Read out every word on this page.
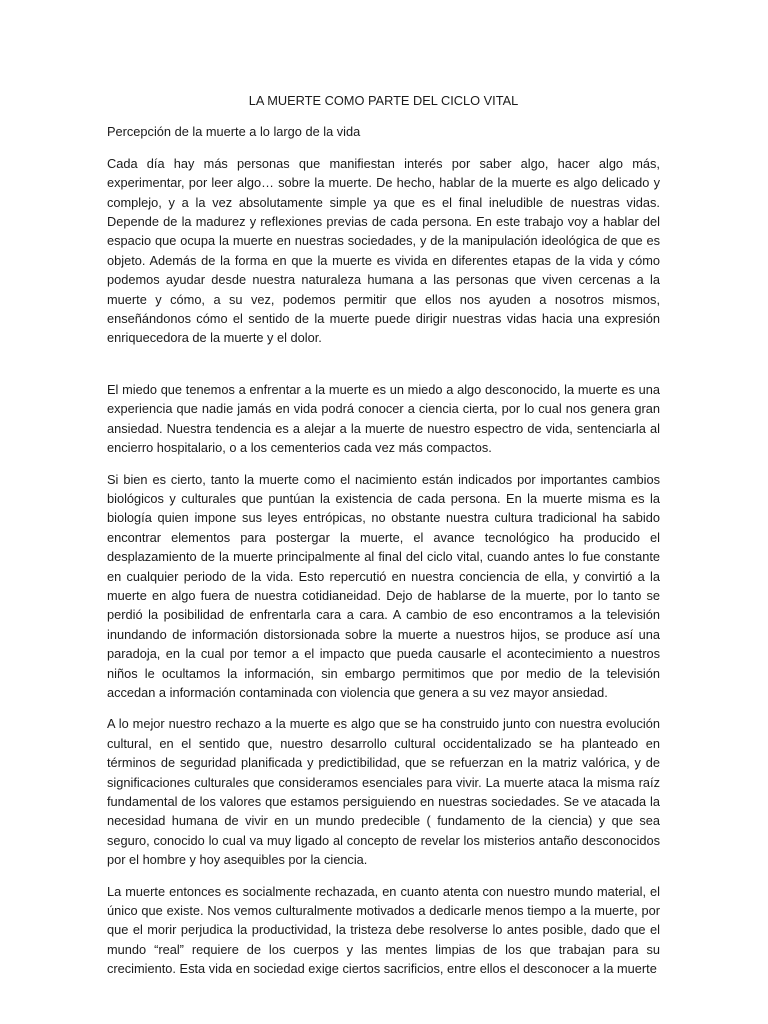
LA MUERTE COMO PARTE DEL CICLO VITAL
Percepción de la muerte a lo largo de la vida

Cada día hay más personas que manifiestan interés por saber algo, hacer algo más, experimentar, por leer algo… sobre la muerte. De hecho, hablar de la muerte es algo delicado y complejo, y a la vez absolutamente simple ya que es el final ineludible de nuestras vidas. Depende de la madurez y reflexiones previas de cada persona. En este trabajo voy a hablar del espacio que ocupa la muerte en nuestras sociedades, y de la manipulación ideológica de que es objeto. Además de la forma en que la muerte es vivida en diferentes etapas de la vida y cómo podemos ayudar desde nuestra naturaleza humana a las personas que viven cercenas a la muerte y cómo, a su vez, podemos permitir que ellos nos ayuden a nosotros mismos, enseñándonos cómo el sentido de la muerte puede dirigir nuestras vidas hacia una expresión enriquecedora de la muerte y el dolor.

El miedo que tenemos a enfrentar a la muerte es un miedo a algo desconocido, la muerte es una experiencia que nadie jamás en vida podrá conocer a ciencia cierta, por lo cual nos genera gran ansiedad. Nuestra tendencia es a alejar a la muerte de nuestro espectro de vida, sentenciarla al encierro hospitalario, o a los cementerios cada vez más compactos.

Si bien es cierto, tanto la muerte como el nacimiento están indicados por importantes cambios biológicos y culturales que puntúan la existencia de cada persona. En la muerte misma es la biología quien impone sus leyes entrópicas, no obstante nuestra cultura tradicional ha sabido encontrar elementos para postergar la muerte, el avance tecnológico ha producido el desplazamiento de la muerte principalmente al final del ciclo vital, cuando antes lo fue constante en cualquier periodo de la vida. Esto repercutió en nuestra conciencia de ella, y convirtió a la muerte en algo fuera de nuestra cotidianeidad. Dejo de hablarse de la muerte, por lo tanto se perdió la posibilidad de enfrentarla cara a cara. A cambio de eso encontramos a la televisión inundando de información distorsionada sobre la muerte a nuestros hijos, se produce así una paradoja, en la cual por temor a el impacto que pueda causarle el acontecimiento a nuestros niños le ocultamos la información, sin embargo permitimos que por medio de la televisión accedan a información contaminada con violencia que genera a su vez mayor ansiedad.

A lo mejor nuestro rechazo a la muerte es algo que se ha construido junto con nuestra evolución cultural, en el sentido que, nuestro desarrollo cultural occidentalizado se ha planteado en términos de seguridad planificada y predictibilidad, que se refuerzan en la matriz valórica, y de significaciones culturales que consideramos esenciales para vivir. La muerte ataca la misma raíz fundamental de los valores que estamos persiguiendo en nuestras sociedades. Se ve atacada la necesidad humana de vivir en un mundo predecible ( fundamento de la ciencia) y que sea seguro, conocido lo cual va muy ligado al concepto de revelar los misterios antaño desconocidos por el hombre y hoy asequibles por la ciencia.

La muerte entonces es socialmente rechazada, en cuanto atenta con nuestro mundo material, el único que existe. Nos vemos culturalmente motivados a dedicarle menos tiempo a la muerte, por que el morir perjudica la productividad, la tristeza debe resolverse lo antes posible, dado que el mundo “real” requiere de los cuerpos y las mentes limpias de los que trabajan para su crecimiento. Esta vida en sociedad exige ciertos sacrificios, entre ellos el desconocer a la muerte
